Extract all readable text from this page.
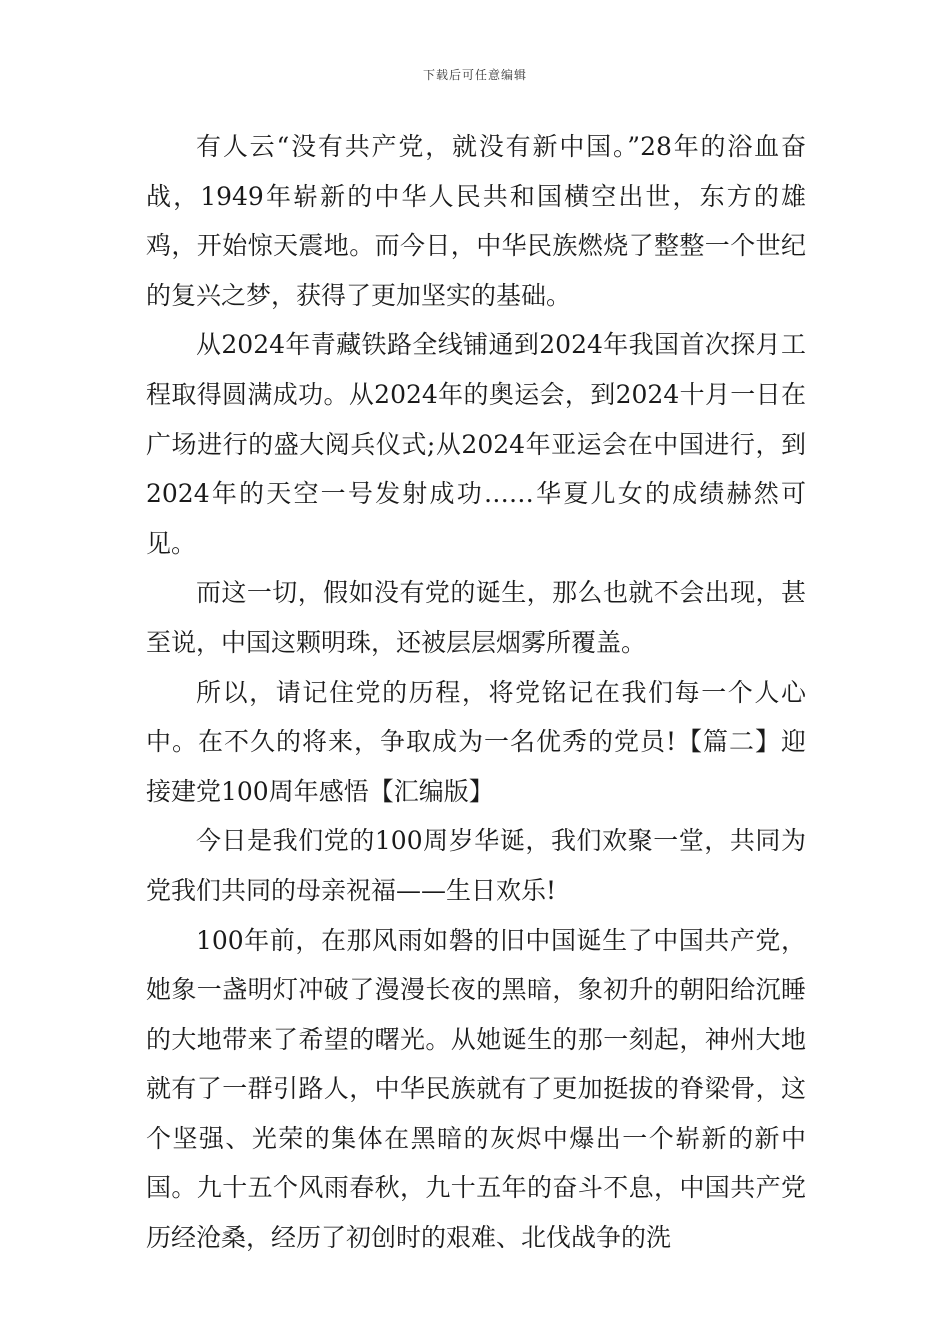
下载后可任意编辑

有人云“没有共产党，就没有新中国。”28年的浴血奋战，1949年崭新的中华人民共和国横空出世，东方的雄鸡，开始惊天震地。而今日，中华民族燃烧了整整一个世纪的复兴之梦，获得了更加坚实的基础。

从2024年青藏铁路全线铺通到2024年我国首次探月工程取得圆满成功。从2024年的奥运会，到2024十月一日在广场进行的盛大阅兵仪式;从2024年亚运会在中国进行，到2024年的天空一号发射成功……华夏儿女的成绩赫然可见。

而这一切，假如没有党的诞生，那么也就不会出现，甚至说，中国这颗明珠，还被层层烟雾所覆盖。

所以，请记住党的历程，将党铭记在我们每一个人心中。在不久的将来，争取成为一名优秀的党员!【篇二】迎接建党100周年感悟【汇编版】

今日是我们党的100周岁华诞，我们欢聚一堂，共同为党我们共同的母亲祝福——生日欢乐!

100年前，在那风雨如磐的旧中国诞生了中国共产党，她象一盏明灯冲破了漫漫长夜的黑暗，象初升的朝阳给沉睡的大地带来了希望的曙光。从她诞生的那一刻起，神州大地就有了一群引路人，中华民族就有了更加挺拔的脊梁骨，这个坚强、光荣的集体在黑暗的灰烬中爆出一个崭新的新中国。九十五个风雨春秋，九十五年的奋斗不息，中国共产党历经沧桑，经历了初创时的艰难、北伐战争的洗
